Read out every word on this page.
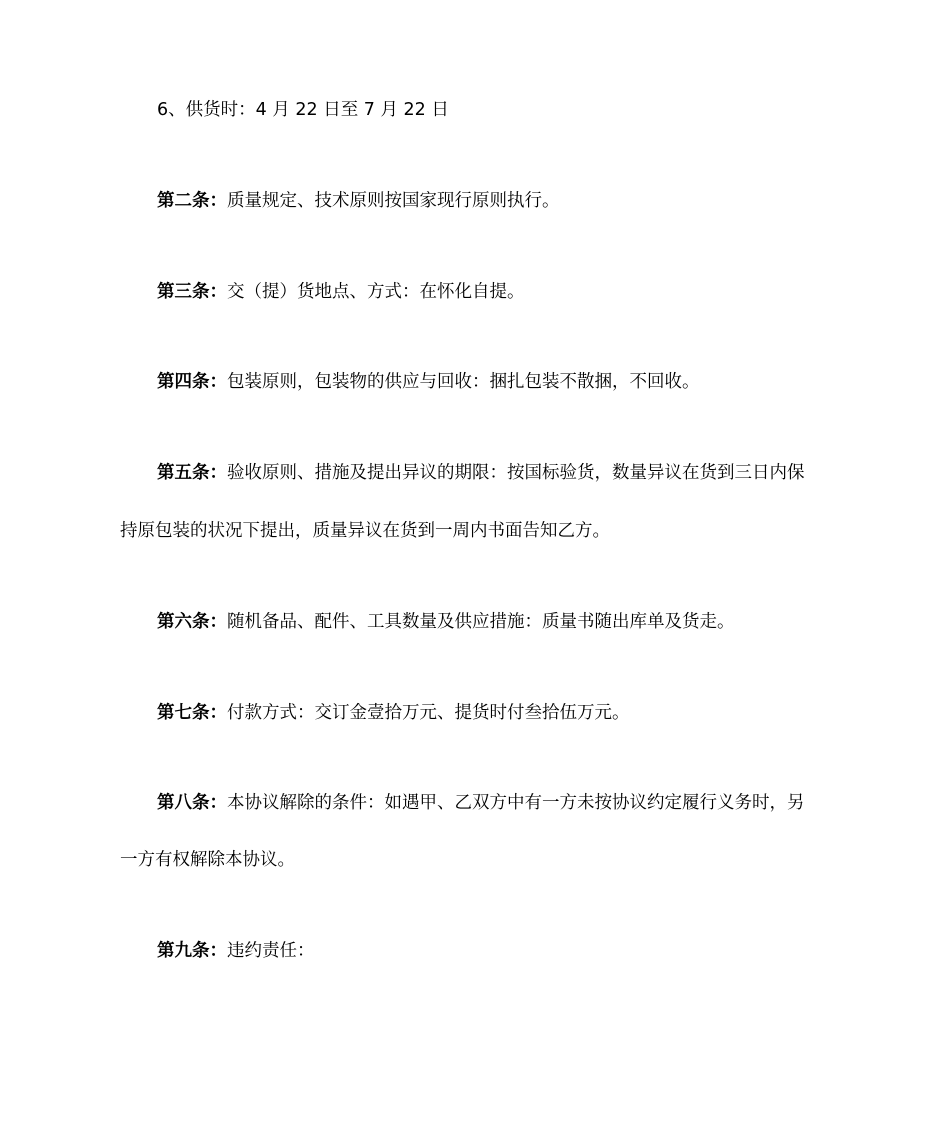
6、供货时：4 月 22 日至 7 月 22 日
第二条：质量规定、技术原则按国家现行原则执行。
第三条：交（提）货地点、方式：在怀化自提。
第四条：包装原则，包装物的供应与回收：捆扎包装不散捆，不回收。
第五条：验收原则、措施及提出异议的期限：按国标验货，数量异议在货到三日内保
持原包装的状况下提出，质量异议在货到一周内书面告知乙方。
第六条：随机备品、配件、工具数量及供应措施：质量书随出库单及货走。
第七条：付款方式：交订金壹拾万元、提货时付叁拾伍万元。
第八条：本协议解除的条件：如遇甲、乙双方中有一方未按协议约定履行义务时，另
一方有权解除本协议。
第九条：违约责任：
